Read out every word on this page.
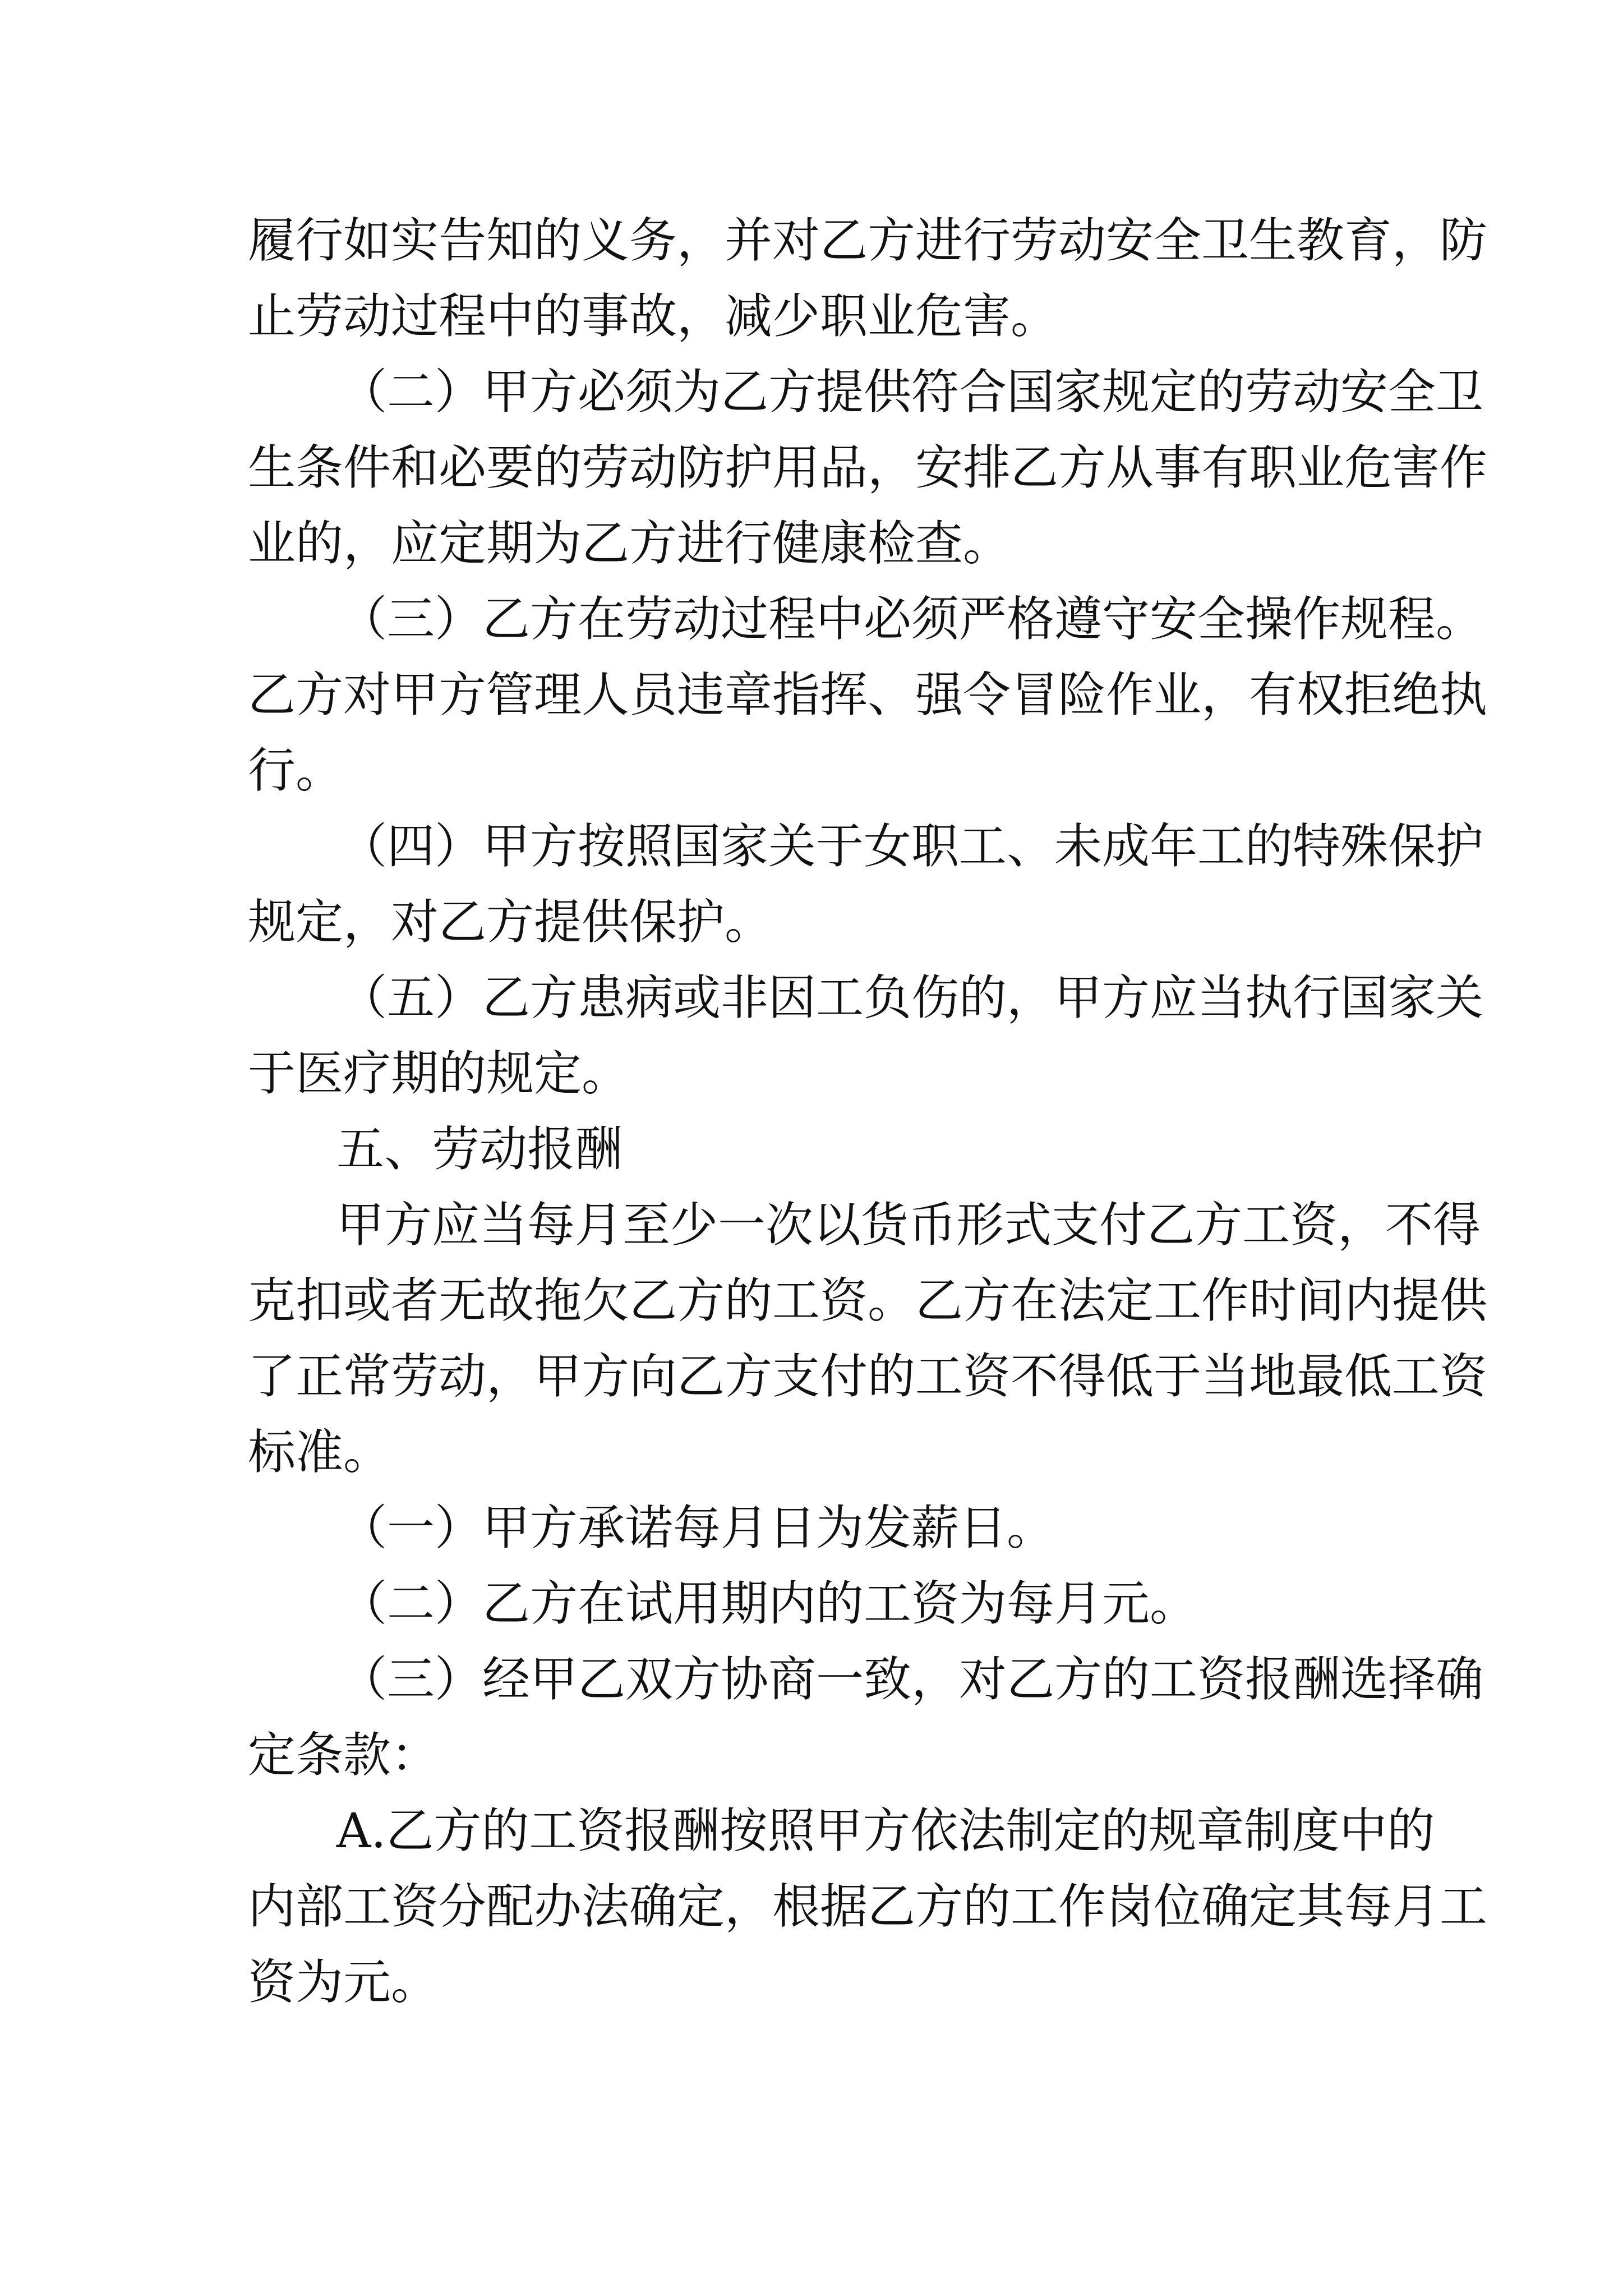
履行如实告知的义务，并对乙方进行劳动安全卫生教育，防
止劳动过程中的事故，减少职业危害。
（二）甲方必须为乙方提供符合国家规定的劳动安全卫
生条件和必要的劳动防护用品，安排乙方从事有职业危害作
业的，应定期为乙方进行健康检查。
（三）乙方在劳动过程中必须严格遵守安全操作规程。
乙方对甲方管理人员违章指挥、强令冒险作业，有权拒绝执
行。
（四）甲方按照国家关于女职工、未成年工的特殊保护
规定，对乙方提供保护。
（五）乙方患病或非因工负伤的，甲方应当执行国家关
于医疗期的规定。
五、劳动报酬
甲方应当每月至少一次以货币形式支付乙方工资，不得
克扣或者无故拖欠乙方的工资。乙方在法定工作时间内提供
了正常劳动，甲方向乙方支付的工资不得低于当地最低工资
标准。
（一）甲方承诺每月日为发薪日。
（二）乙方在试用期内的工资为每月元。
（三）经甲乙双方协商一致，对乙方的工资报酬选择确
定条款：
A.乙方的工资报酬按照甲方依法制定的规章制度中的
内部工资分配办法确定，根据乙方的工作岗位确定其每月工
资为元。
